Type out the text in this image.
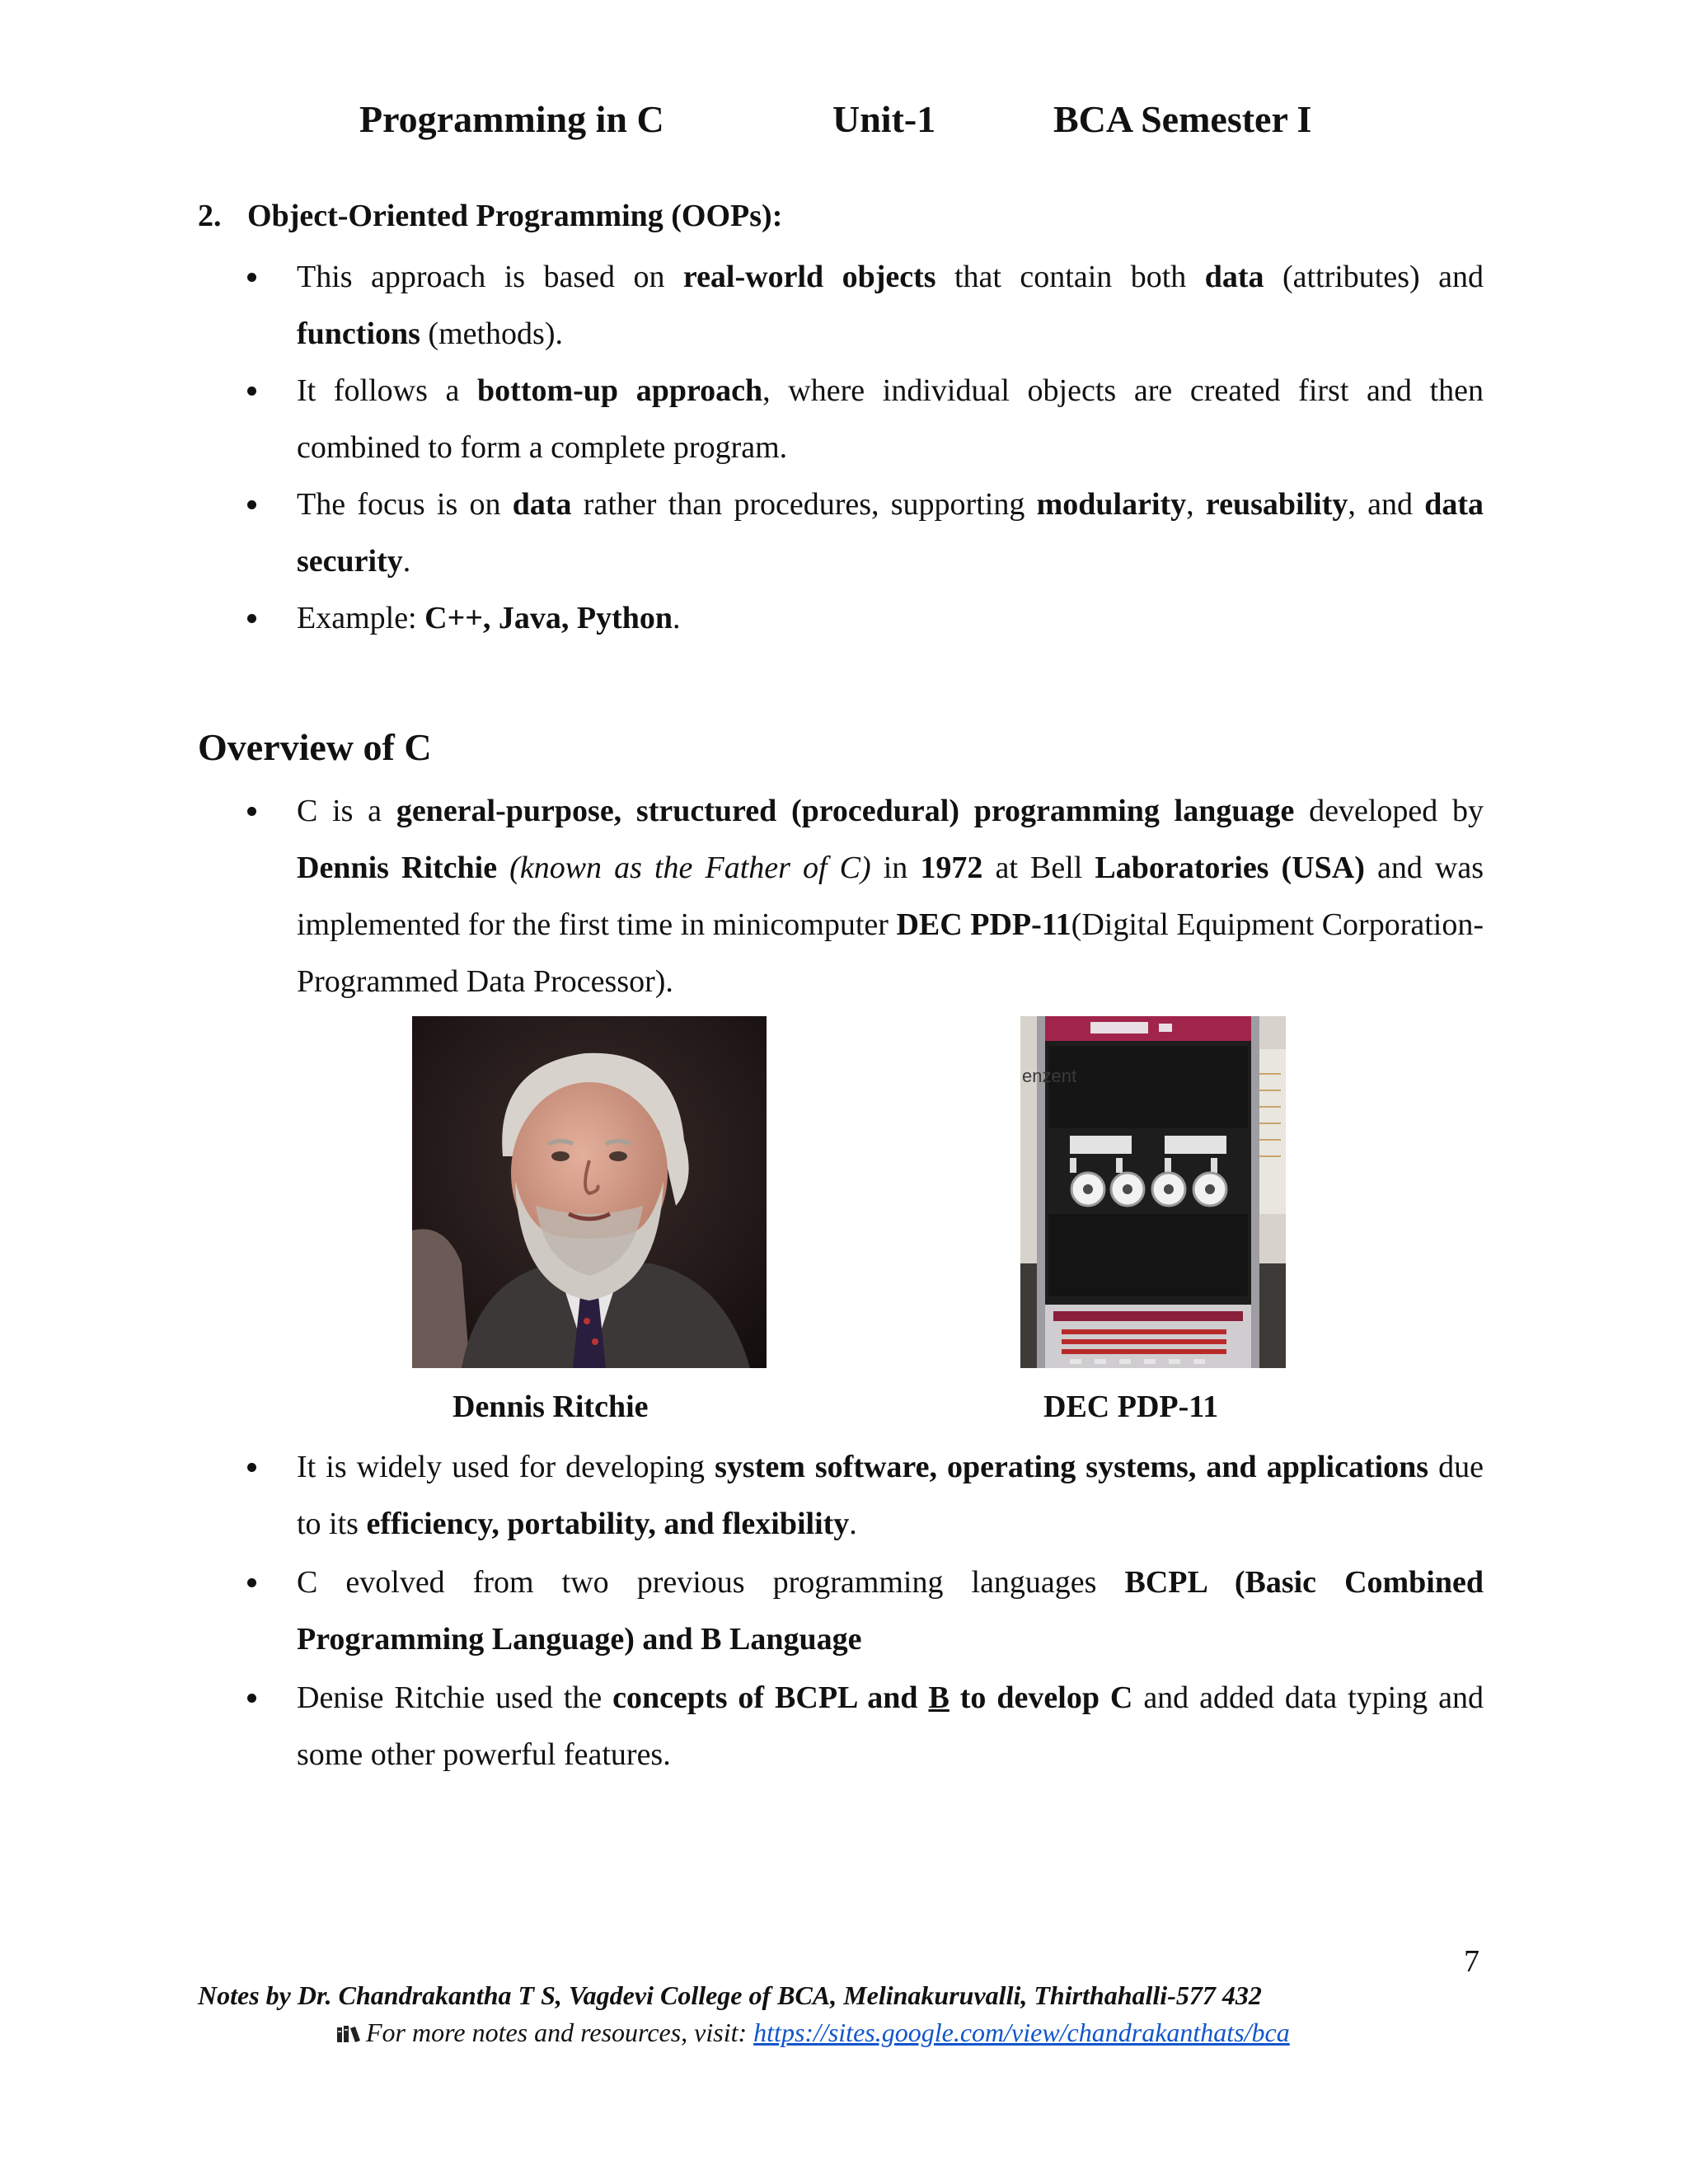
Programming in C	Unit-1	BCA Semester I
2. Object-Oriented Programming (OOPs):
This approach is based on real-world objects that contain both data (attributes) and functions (methods).
It follows a bottom-up approach, where individual objects are created first and then combined to form a complete program.
The focus is on data rather than procedures, supporting modularity, reusability, and data security.
Example: C++, Java, Python.
Overview of C
C is a general-purpose, structured (procedural) programming language developed by Dennis Ritchie (known as the Father of C) in 1972 at Bell Laboratories (USA) and was implemented for the first time in minicomputer DEC PDP-11(Digital Equipment Corporation-Programmed Data Processor).
enzent
Dennis Ritchie	DEC PDP-11
It is widely used for developing system software, operating systems, and applications due to its efficiency, portability, and flexibility.
C evolved from two previous programming languages BCPL (Basic Combined Programming Language) and B Language
Denise Ritchie used the concepts of BCPL and B to develop C and added data typing and some other powerful features.
7
Notes by Dr. Chandrakantha T S, Vagdevi College of BCA, Melinakuruvalli, Thirthahalli-577 432
For more notes and resources, visit: https://sites.google.com/view/chandrakanthats/bca
